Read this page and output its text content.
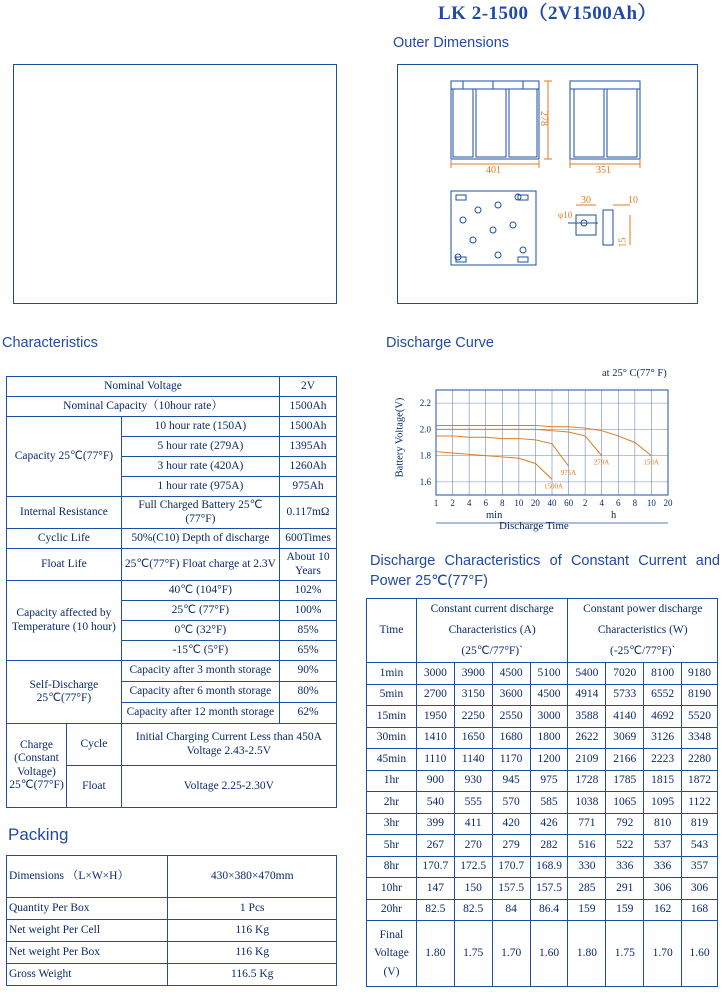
LK 2-1500（2V1500Ah）
Outer Dimensions
278
401	351
30	10
15
φ10
Characteristics
Nominal Voltage			2V
Nominal Capacity（10hour rate）			1500Ah
Capacity 25℃(77°F)		10 hour rate (150A)	1500Ah
		5 hour rate (279A)	1395Ah
		3 hour rate (420A)	1260Ah
		1 hour rate (975A)	975Ah
Internal Resistance		Full Charged Battery 25℃ (77°F)	0.117mΩ
Cyclic Life		50%(C10) Depth of discharge	600Times
Float Life		25℃(77°F) Float charge at 2.3V	About 10 Years
Capacity affected by Temperature (10 hour)		40℃ (104°F)	102%
		25℃ (77°F)	100%
		0℃ (32°F)	85%
		-15℃ (5°F)	65%
Self-Discharge 25℃(77°F)		Capacity after 3 month storage	90%
		Capacity after 6 month storage	80%
		Capacity after 12 month storage	62%
Charge (Constant Voltage) 25℃(77°F)	Cycle	Initial Charging Current Less than 450A Voltage 2.43-2.5V	
	Float	Voltage 2.25-2.30V	
Packing
Dimensions （L×W×H）	430×380×470mm
Quantity Per Box	1 Pcs
Net weight Per Cell	116 Kg
Net weight Per Box	116 Kg
Gross Weight	116.5 Kg
Discharge Curve
at 25° C(77° F)
Battery Voltage(V) 2.2
2.0
1.8
1.6
1 2 4 6 8 10 20 40 60 2 4 6 8 10 20
1500A
975A
279A	150A
min	h
Discharge Time
Discharge Characteristics of Constant Current and Power 25℃(77°F)
Time	Constant current discharge Characteristics (A) (25℃/77°F)`				Constant power discharge Characteristics (W) (-25℃/77°F)`			
1min	3000	3900	4500	5100	5400	7020	8100	9180
5min	2700	3150	3600	4500	4914	5733	6552	8190
15min	1950	2250	2550	3000	3588	4140	4692	5520
30min	1410	1650	1680	1800	2622	3069	3126	3348
45min	1110	1140	1170	1200	2109	2166	2223	2280
1hr	900	930	945	975	1728	1785	1815	1872
2hr	540	555	570	585	1038	1065	1095	1122
3hr	399	411	420	426	771	792	810	819
5hr	267	270	279	282	516	522	537	543
8hr	170.7	172.5	170.7	168.9	330	336	336	357
10hr	147	150	157.5	157.5	285	291	306	306
20hr	82.5	82.5	84	86.4	159	159	162	168
Final Voltage (V)	1.80	1.75	1.70	1.60	1.80	1.75	1.70	1.60
